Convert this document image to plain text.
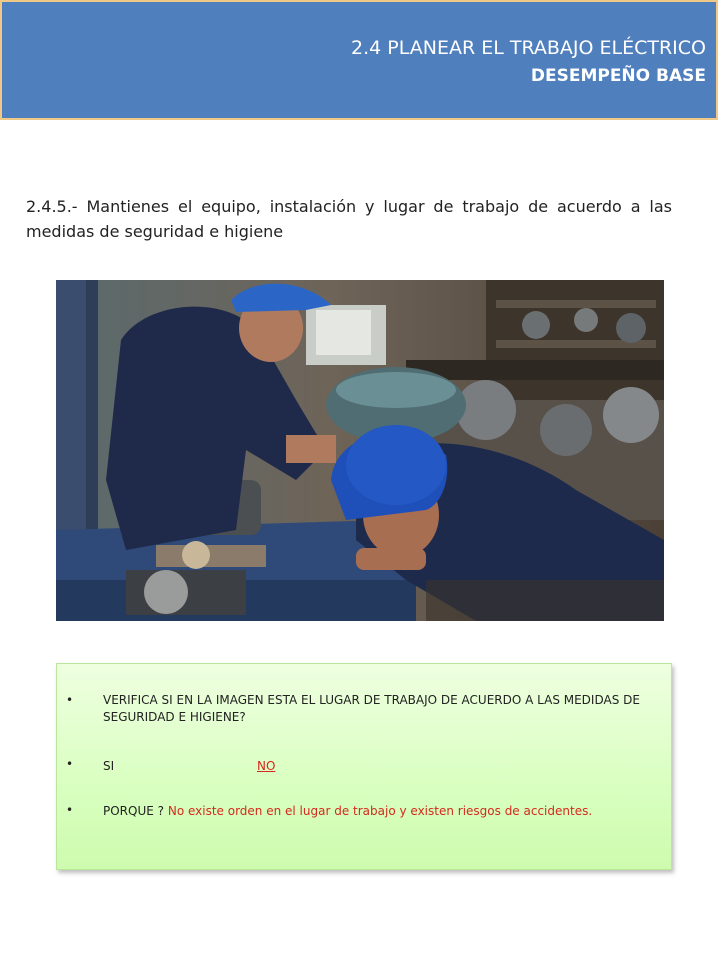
2.4 PLANEAR EL TRABAJO ELÉCTRICO
DESEMPEÑO BASE
2.4.5.- Mantienes el equipo, instalación y lugar de trabajo de acuerdo a las medidas de seguridad e higiene
• VERIFICA SI EN LA IMAGEN ESTA EL LUGAR DE TRABAJO DE ACUERDO A LAS MEDIDAS DE SEGURIDAD E HIGIENE?
• SI	NO
• PORQUE ? No existe orden en el lugar de trabajo y existen riesgos de accidentes.
